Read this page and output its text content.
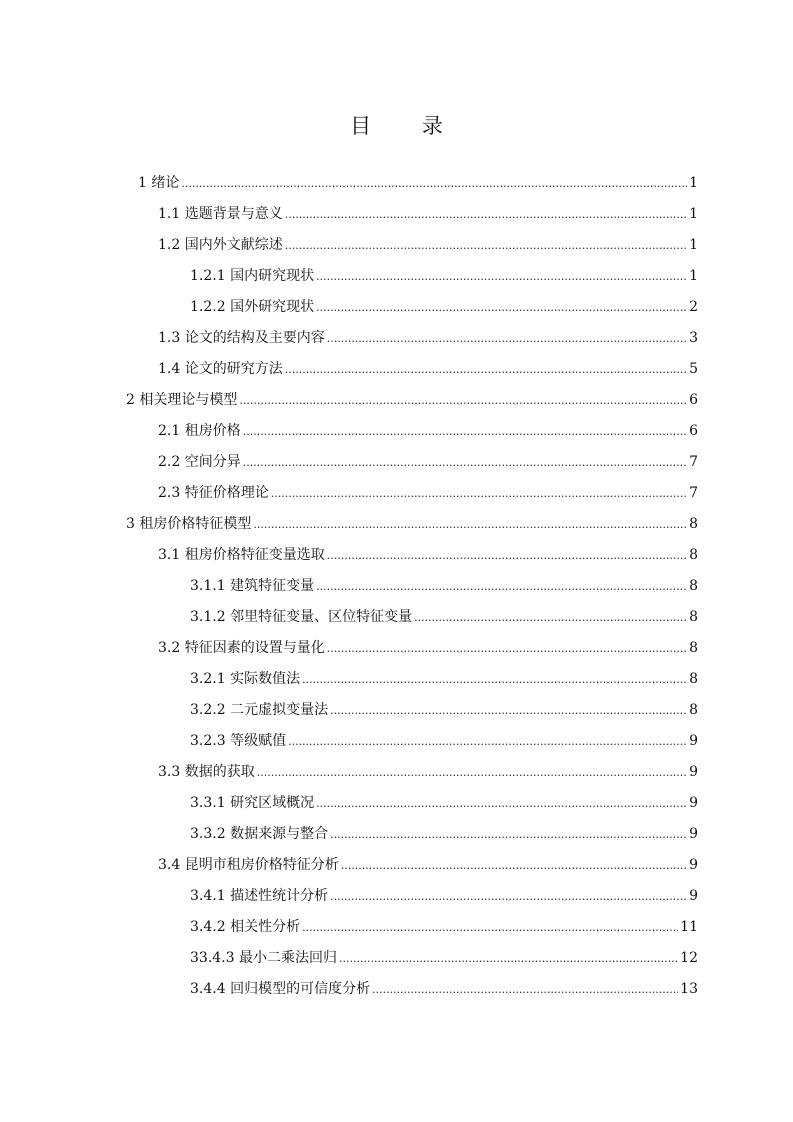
目 录
1 绪论 .....	1
1.1 选题背景与意义 .....	1
1.2 国内外文献综述 .....	1
1.2.1 国内研究现状 .....	1
1.2.2 国外研究现状 .....	2
1.3 论文的结构及主要内容 .....	3
1.4 论文的研究方法 .....	5
2 相关理论与模型 .....	6
2.1 租房价格 .....	6
2.2 空间分异 .....	7
2.3 特征价格理论 .....	7
3 租房价格特征模型 .....	8
3.1 租房价格特征变量选取 .....	8
3.1.1 建筑特征变量 .....	8
3.1.2 邻里特征变量、区位特征变量 .....	8
3.2 特征因素的设置与量化 .....	8
3.2.1 实际数值法 .....	8
3.2.2 二元虚拟变量法 .....	8
3.2.3 等级赋值 .....	9
3.3 数据的获取 .....	9
3.3.1 研究区域概况 .....	9
3.3.2 数据来源与整合 .....	9
3.4 昆明市租房价格特征分析 .....	9
3.4.1 描述性统计分析 .....	9
3.4.2 相关性分析 .....	11
33.4.3 最小二乘法回归 .....	12
3.4.4 回归模型的可信度分析 .....	13
